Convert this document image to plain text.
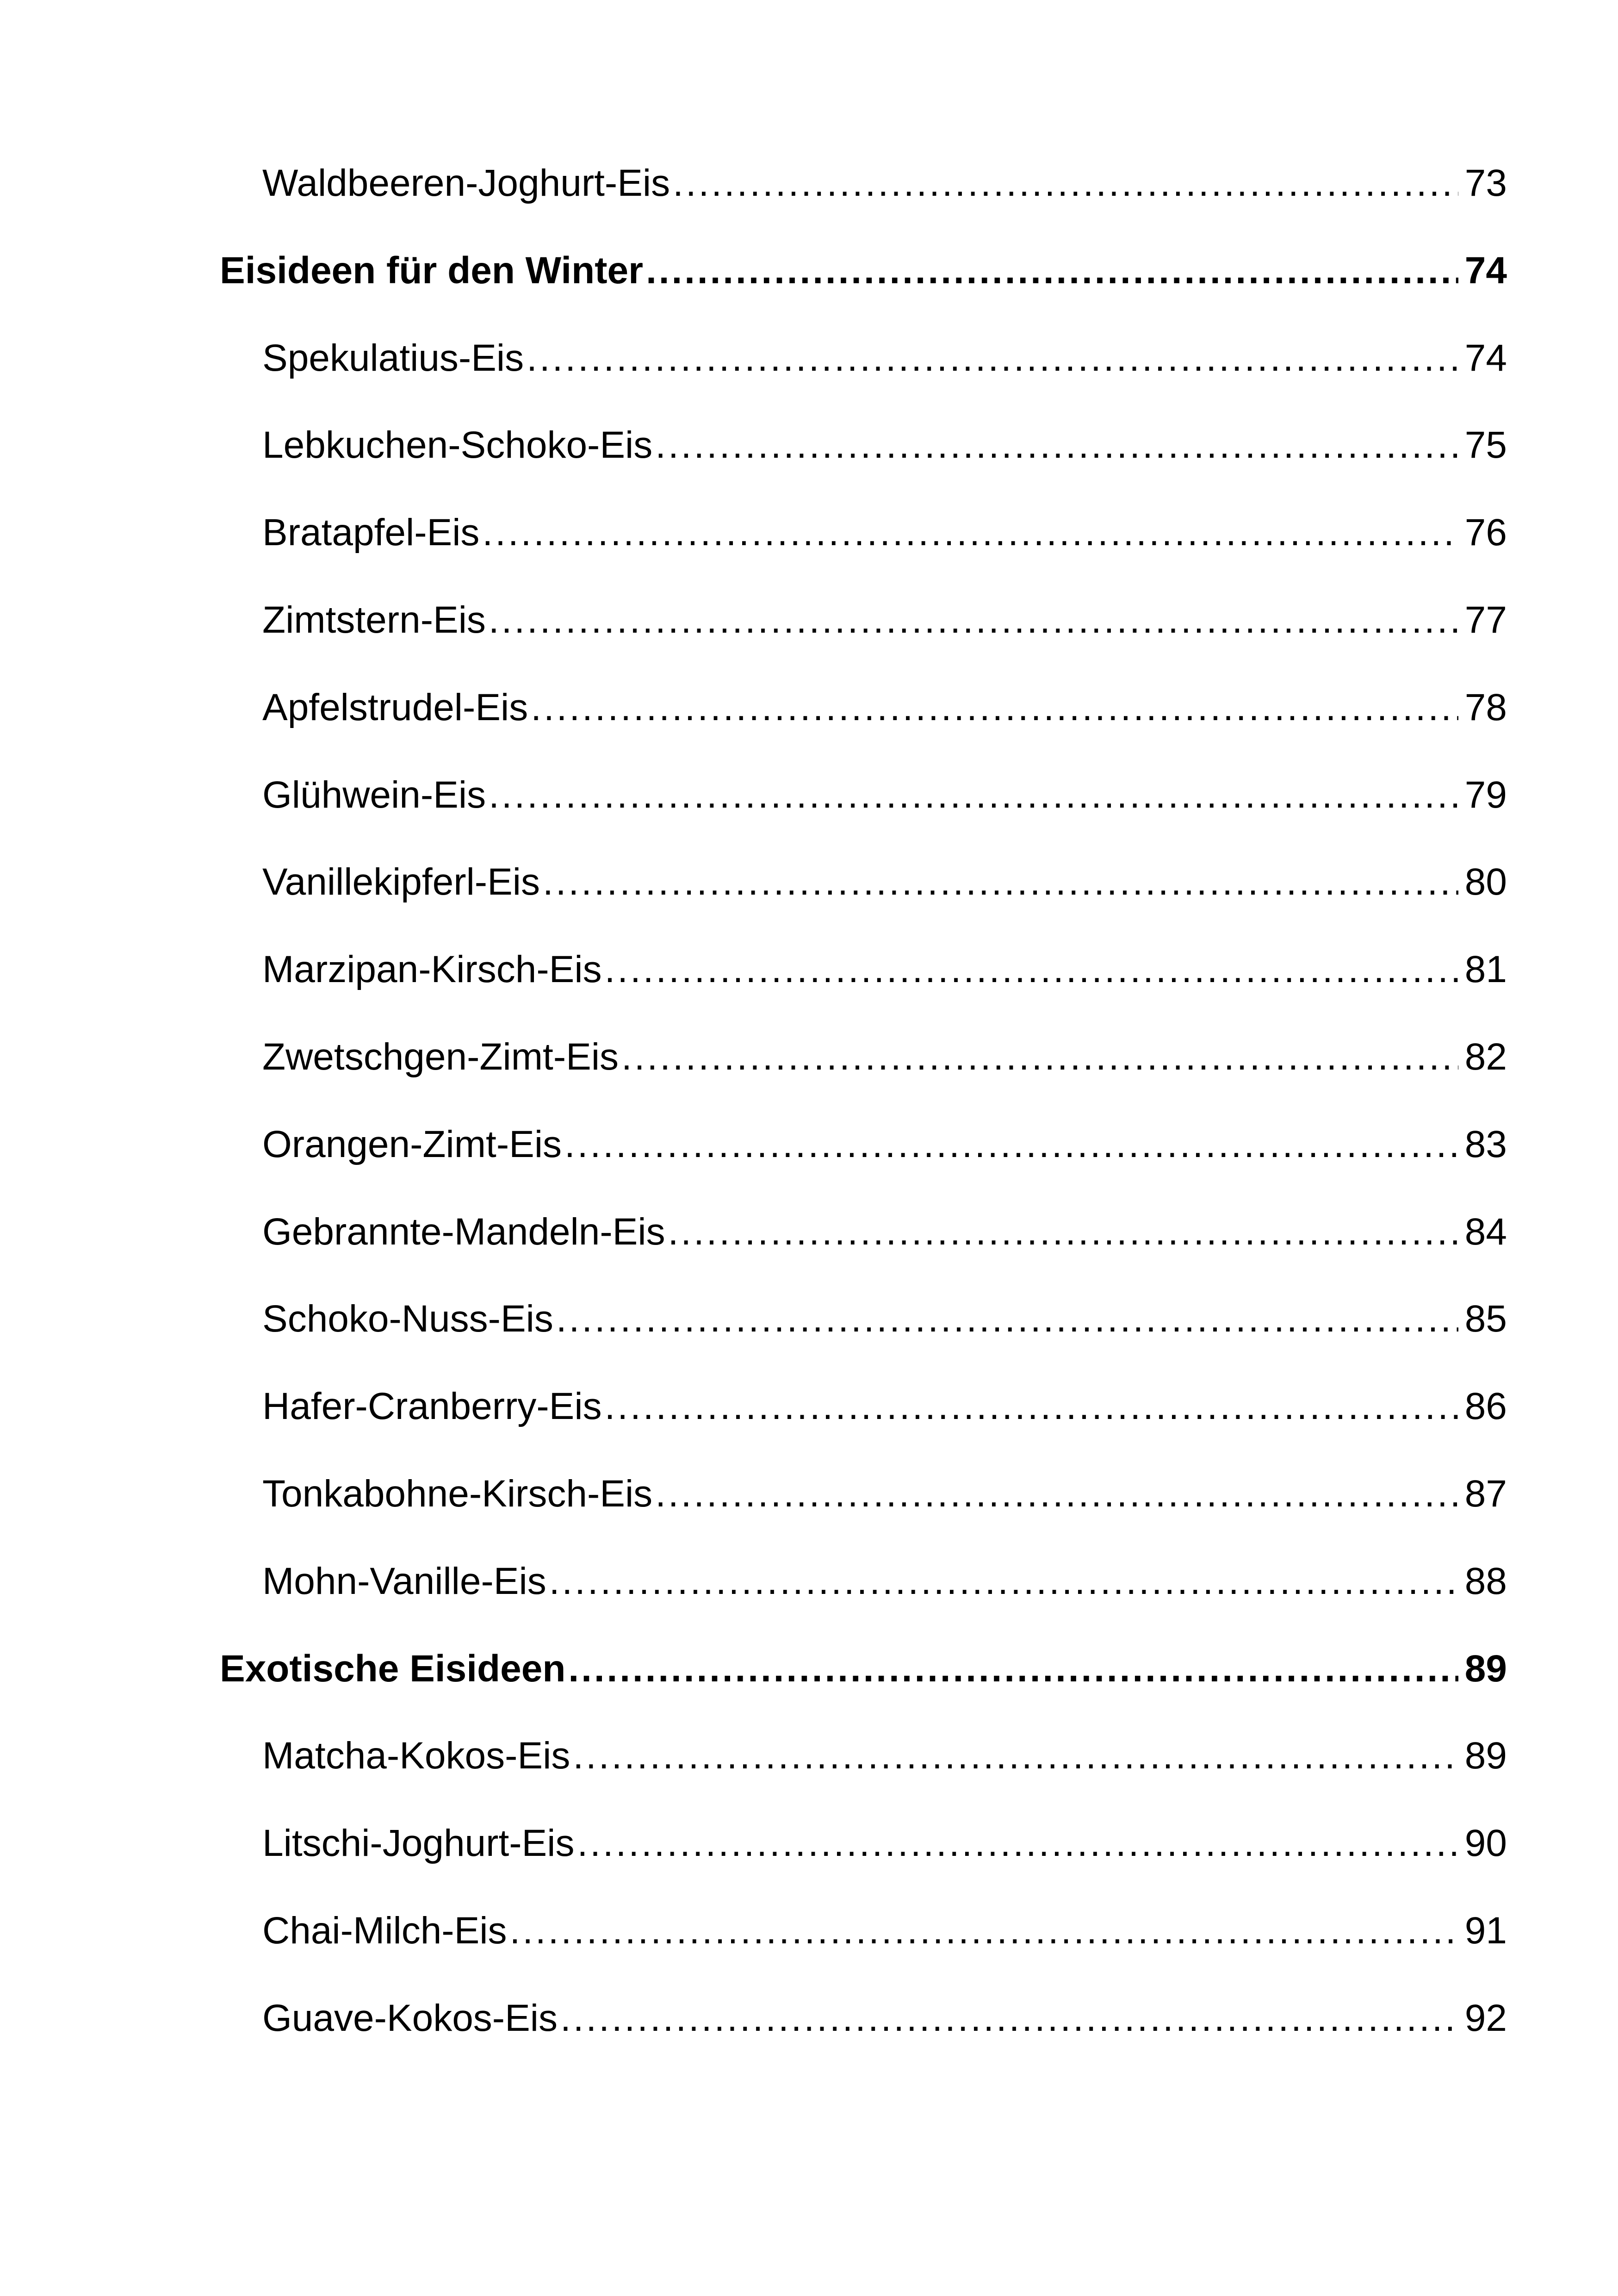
Waldbeeren-Joghurt-Eis .....	73
Eisideen für den Winter .....	74
Spekulatius-Eis .....	74
Lebkuchen-Schoko-Eis .....	75
Bratapfel-Eis .....	76
Zimtstern-Eis .....	77
Apfelstrudel-Eis .....	78
Glühwein-Eis .....	79
Vanillekipferl-Eis .....	80
Marzipan-Kirsch-Eis .....	81
Zwetschgen-Zimt-Eis .....	82
Orangen-Zimt-Eis .....	83
Gebrannte-Mandeln-Eis .....	84
Schoko-Nuss-Eis .....	85
Hafer-Cranberry-Eis .....	86
Tonkabohne-Kirsch-Eis .....	87
Mohn-Vanille-Eis .....	88
Exotische Eisideen .....	89
Matcha-Kokos-Eis .....	89
Litschi-Joghurt-Eis .....	90
Chai-Milch-Eis .....	91
Guave-Kokos-Eis .....	92
